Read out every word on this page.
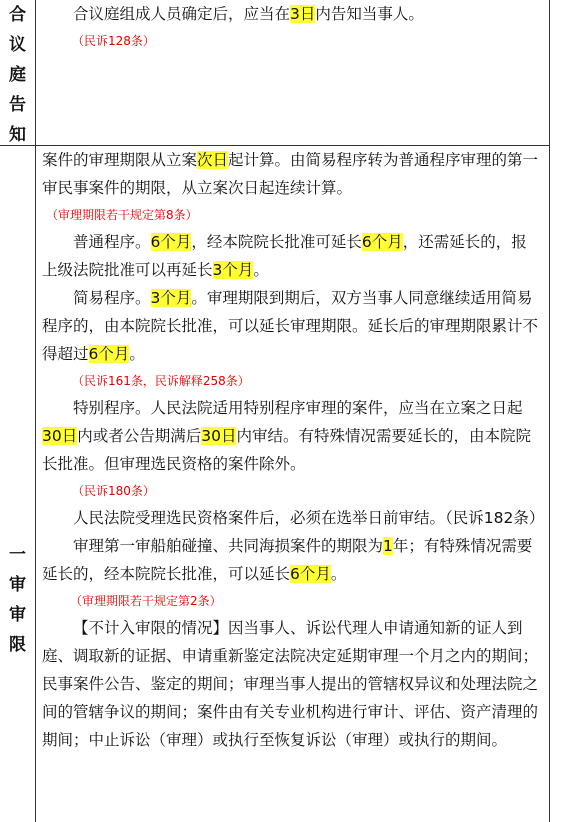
合
议
庭
告
知

合议庭组成人员确定后，应当在3日内告知当事人。

（民诉128条）
一
审
审
限

案件的审理期限从立案次日起计算。由简易程序转为普通程序审理的第一审民事案件的期限，从立案次日起连续计算。

（审理期限若干规定第8条）

普通程序。6个月，经本院院长批准可延长6个月，还需延长的，报上级法院批准可以再延长3个月。

简易程序。3个月。审理期限到期后，双方当事人同意继续适用简易程序的，由本院院长批准，可以延长审理期限。延长后的审理期限累计不得超过6个月。

（民诉161条，民诉解释258条）

特别程序。人民法院适用特别程序审理的案件，应当在立案之日起30日内或者公告期满后30日内审结。有特殊情况需要延长的，由本院院长批准。但审理选民资格的案件除外。

（民诉180条）

人民法院受理选民资格案件后，必须在选举日前审结。（民诉182条）

审理第一审船舶碰撞、共同海损案件的期限为1年；有特殊情况需要延长的，经本院院长批准，可以延长6个月。

（审理期限若干规定第2条）

【不计入审限的情况】因当事人、诉讼代理人申请通知新的证人到庭、调取新的证据、申请重新鉴定法院决定延期审理一个月之内的期间；民事案件公告、鉴定的期间；审理当事人提出的管辖权异议和处理法院之间的管辖争议的期间；案件由有关专业机构进行审计、评估、资产清理的期间；中止诉讼（审理）或执行至恢复诉讼（审理）或执行的期间。
